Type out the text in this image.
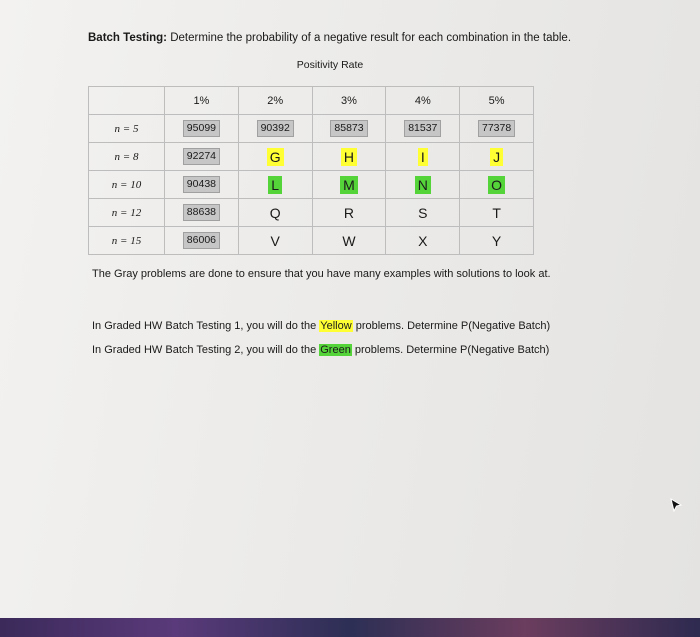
Batch Testing: Determine the probability of a negative result for each combination in the table.
Positivity Rate
	1%	2%	3%	4%	5%
n = 5	95099	90392	85873	81537	77378
n = 8	92274	G	H	I	J
n = 10	90438	L	M	N	O
n = 12	88638	Q	R	S	T
n = 15	86006	V	W	X	Y
The Gray problems are done to ensure that you have many examples with solutions to look at.
In Graded HW Batch Testing 1, you will do the Yellow problems. Determine P(Negative Batch)
In Graded HW Batch Testing 2, you will do the Green problems. Determine P(Negative Batch)
